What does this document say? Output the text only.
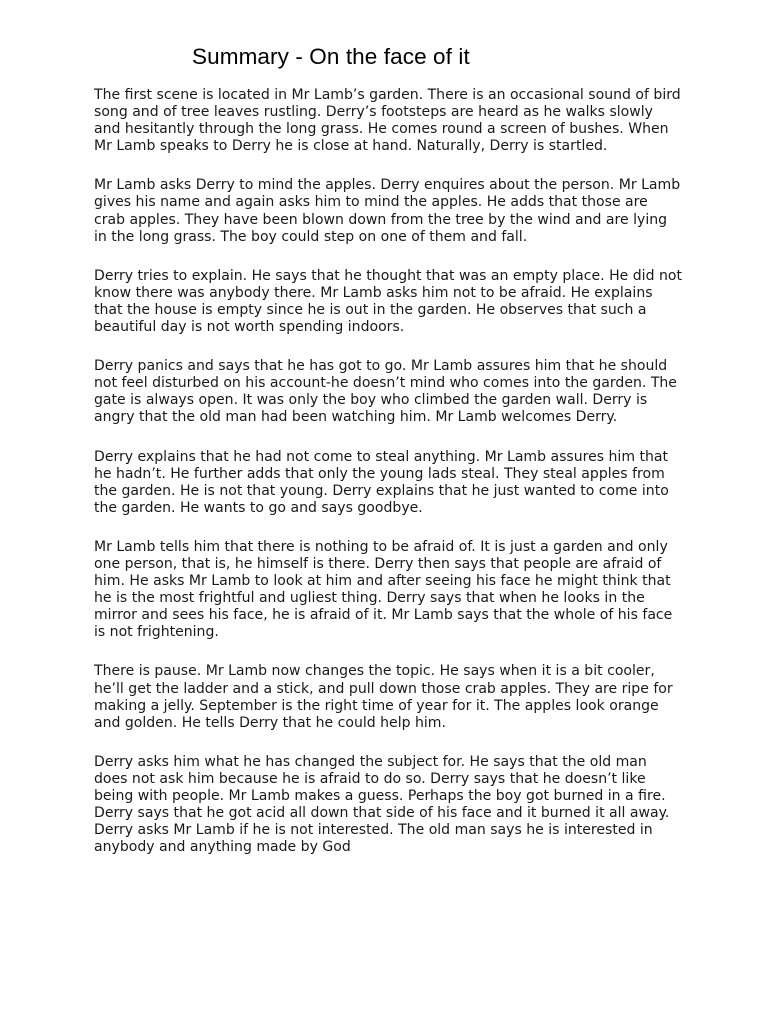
Summary - On the face of it

The first scene is located in Mr Lamb’s garden. There is an occasional sound of bird song and of tree leaves rustling. Derry’s footsteps are heard as he walks slowly and hesitantly through the long grass. He comes round a screen of bushes. When Mr Lamb speaks to Derry he is close at hand. Naturally, Derry is startled.

Mr Lamb asks Derry to mind the apples. Derry enquires about the person. Mr Lamb gives his name and again asks him to mind the apples. He adds that those are crab apples. They have been blown down from the tree by the wind and are lying in the long grass. The boy could step on one of them and fall.

Derry tries to explain. He says that he thought that was an empty place. He did not know there was anybody there. Mr Lamb asks him not to be afraid. He explains that the house is empty since he is out in the garden. He observes that such a beautiful day is not worth spending indoors.

Derry panics and says that he has got to go. Mr Lamb assures him that he should not feel disturbed on his account-he doesn’t mind who comes into the garden. The gate is always open. It was only the boy who climbed the garden wall. Derry is angry that the old man had been watching him. Mr Lamb welcomes Derry.

Derry explains that he had not come to steal anything. Mr Lamb assures him that he hadn’t. He further adds that only the young lads steal. They steal apples from the garden. He is not that young. Derry explains that he just wanted to come into the garden. He wants to go and says goodbye.

Mr Lamb tells him that there is nothing to be afraid of. It is just a garden and only one person, that is, he himself is there. Derry then says that people are afraid of him. He asks Mr Lamb to look at him and after seeing his face he might think that he is the most frightful and ugliest thing. Derry says that when he looks in the mirror and sees his face, he is afraid of it. Mr Lamb says that the whole of his face is not frightening.

There is pause. Mr Lamb now changes the topic. He says when it is a bit cooler, he’ll get the ladder and a stick, and pull down those crab apples. They are ripe for making a jelly. September is the right time of year for it. The apples look orange and golden. He tells Derry that he could help him.

Derry asks him what he has changed the subject for. He says that the old man does not ask him because he is afraid to do so. Derry says that he doesn’t like being with people. Mr Lamb makes a guess. Perhaps the boy got burned in a fire. Derry says that he got acid all down that side of his face and it burned it all away. Derry asks Mr Lamb if he is not interested. The old man says he is interested in anybody and anything made by God
